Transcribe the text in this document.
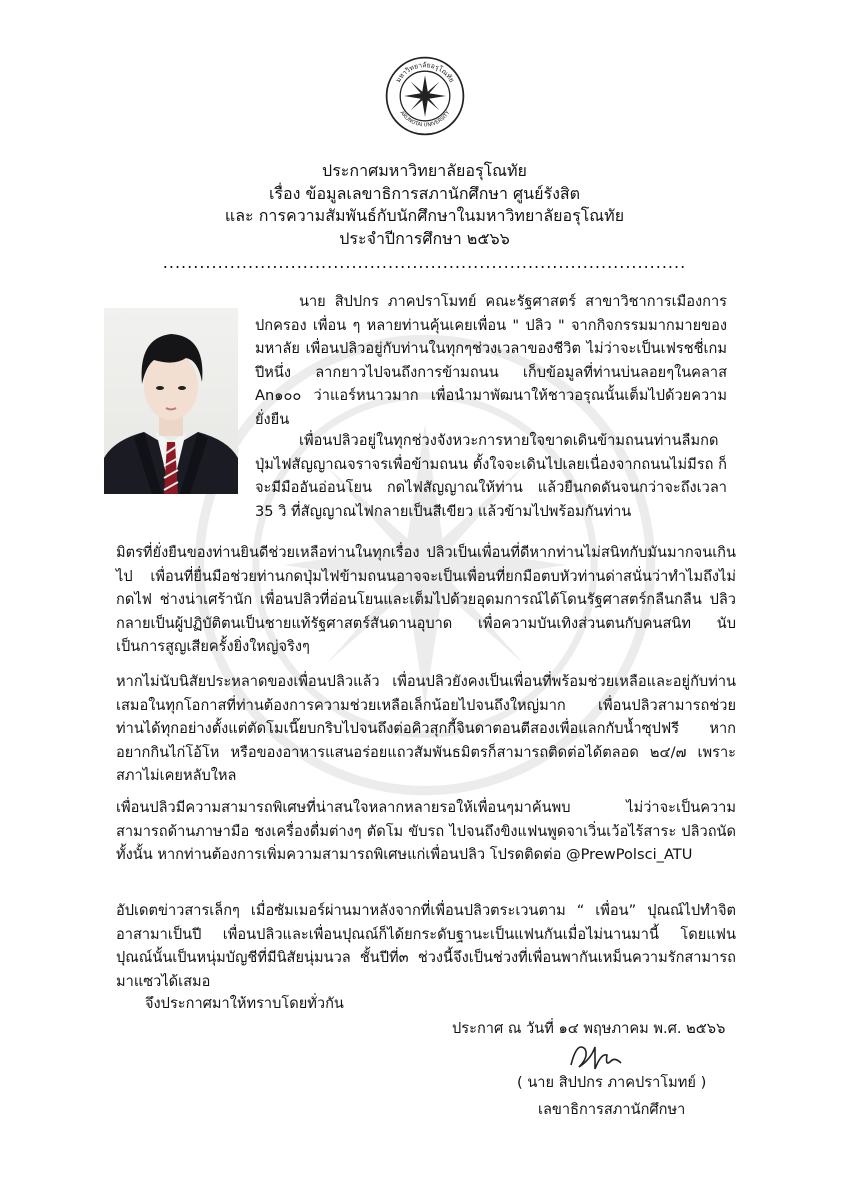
มหาวิทยาลัยอรุโณทัย
ARUNOTAI UNIVERSITY
ประกาศมหาวิทยาลัยอรุโณทัย
เรื่อง ข้อมูลเลขาธิการสภานักศึกษา ศูนย์รังสิต
และ การความสัมพันธ์กับนักศึกษาในมหาวิทยาลัยอรุโณทัย
ประจำปีการศึกษา ๒๕๖๖
......................................................................................
นาย สิปปกร ภาคปราโมทย์ คณะรัฐศาสตร์ สาขาวิชาการเมืองการปกครอง เพื่อน ๆ หลายท่านคุ้นเคยเพื่อน " ปลิว " จากกิจกรรมมากมายของมหาลัย เพื่อนปลิวอยู่กับท่านในทุกๆช่วงเวลาของชีวิต ไม่ว่าจะเป็นเฟรชชี่เกมปีหนึ่ง ลากยาวไปจนถึงการข้ามถนน เก็บข้อมูลที่ท่านบ่นลอยๆในคลาส An๑๐๐ ว่าแอร์หนาวมาก เพื่อนำมาพัฒนาให้ชาวอรุณนั้นเต็มไปด้วยความยั่งยืน
เพื่อนปลิวอยู่ในทุกช่วงจังหวะการหายใจขาดเดินข้ามถนนท่านลืมกดปุ่มไฟสัญญาณจราจรเพื่อข้ามถนน ตั้งใจจะเดินไปเลยเนื่องจากถนนไม่มีรถ ก็จะมีมืออันอ่อนโยน กดไฟสัญญาณให้ท่าน แล้วยืนกดดันจนกว่าจะถึงเวลา 35 วิ ที่สัญญาณไฟกลายเป็นสีเขียว แล้วข้ามไปพร้อมกันท่าน
มิตรที่ยั่งยืนของท่านยินดีช่วยเหลือท่านในทุกเรื่อง ปลิวเป็นเพื่อนที่ดีหากท่านไม่สนิทกับมันมากจนเกินไป เพื่อนที่ยื่นมือช่วยท่านกดปุ่มไฟข้ามถนนอาจจะเป็นเพื่อนที่ยกมือตบหัวท่านด่าสนั่นว่าทำไมถึงไม่กดไฟ ช่างน่าเศร้านัก เพื่อนปลิวที่อ่อนโยนและเต็มไปด้วยอุดมการณ์ได้โดนรัฐศาสตร์กลืนกลืน ปลิวกลายเป็นผู้ปฏิบัติตนเป็นชายแท้รัฐศาสตร์สันดานอุบาด เพื่อความบันเทิงส่วนตนกับคนสนิท นับเป็นการสูญเสียครั้งยิ่งใหญ่จริงๆ
หากไม่นับนิสัยประหลาดของเพื่อนปลิวแล้ว เพื่อนปลิวยังคงเป็นเพื่อนที่พร้อมช่วยเหลือและอยู่กับท่านเสมอในทุกโอกาสที่ท่านต้องการความช่วยเหลือเล็กน้อยไปจนถึงใหญ่มาก เพื่อนปลิวสามารถช่วยท่านได้ทุกอย่างตั้งแต่ตัดโมเนี๊ยบกริบไปจนถึงต่อคิวสุกกี้จินดาตอนตีสองเพื่อแลกกับน้ำซุปฟรี หากอยากกินไก่โอ้โห หรือของอาหารแสนอร่อยแถวสัมพันธมิตรก็สามารถติดต่อได้ตลอด ๒๔/๗ เพราะสภาไม่เคยหลับใหล
เพื่อนปลิวมีความสามารถพิเศษที่น่าสนใจหลากหลายรอให้เพื่อนๆมาค้นพบ ไม่ว่าจะเป็นความสามารถด้านภาษามือ ชงเครื่องดื่มต่างๆ ตัดโม ขับรถ ไปจนถึงขิงแฟนพูดจาเวิ่นเว้อไร้สาระ ปลิวถนัดทั้งนั้น หากท่านต้องการเพิ่มความสามารถพิเศษแก่เพื่อนปลิว โปรดติดต่อ @PrewPolsci_ATU
อัปเดตข่าวสารเล็กๆ เมื่อซัมเมอร์ผ่านมาหลังจากที่เพื่อนปลิวตระเวนตาม “ เพื่อน” ปุณณ์ไปทำจิตอาสามาเป็นปี เพื่อนปลิวและเพื่อนปุณณ์ก็ได้ยกระดับฐานะเป็นแฟนกันเมื่อไม่นานมานี้ โดยแฟนปุณณ์นั้นเป็นหนุ่มบัญชีที่มีนิสัยนุ่มนวล ชั้นปีที่๓ ช่วงนี้จึงเป็นช่วงที่เพื่อนพากันเหม็นความรักสามารถมาแซวได้เสมอ
จึงประกาศมาให้ทราบโดยทั่วกัน
ประกาศ ณ วันที่ ๑๔ พฤษภาคม พ.ศ. ๒๕๖๖
( นาย สิปปกร ภาคปราโมทย์ )
เลขาธิการสภานักศึกษา
